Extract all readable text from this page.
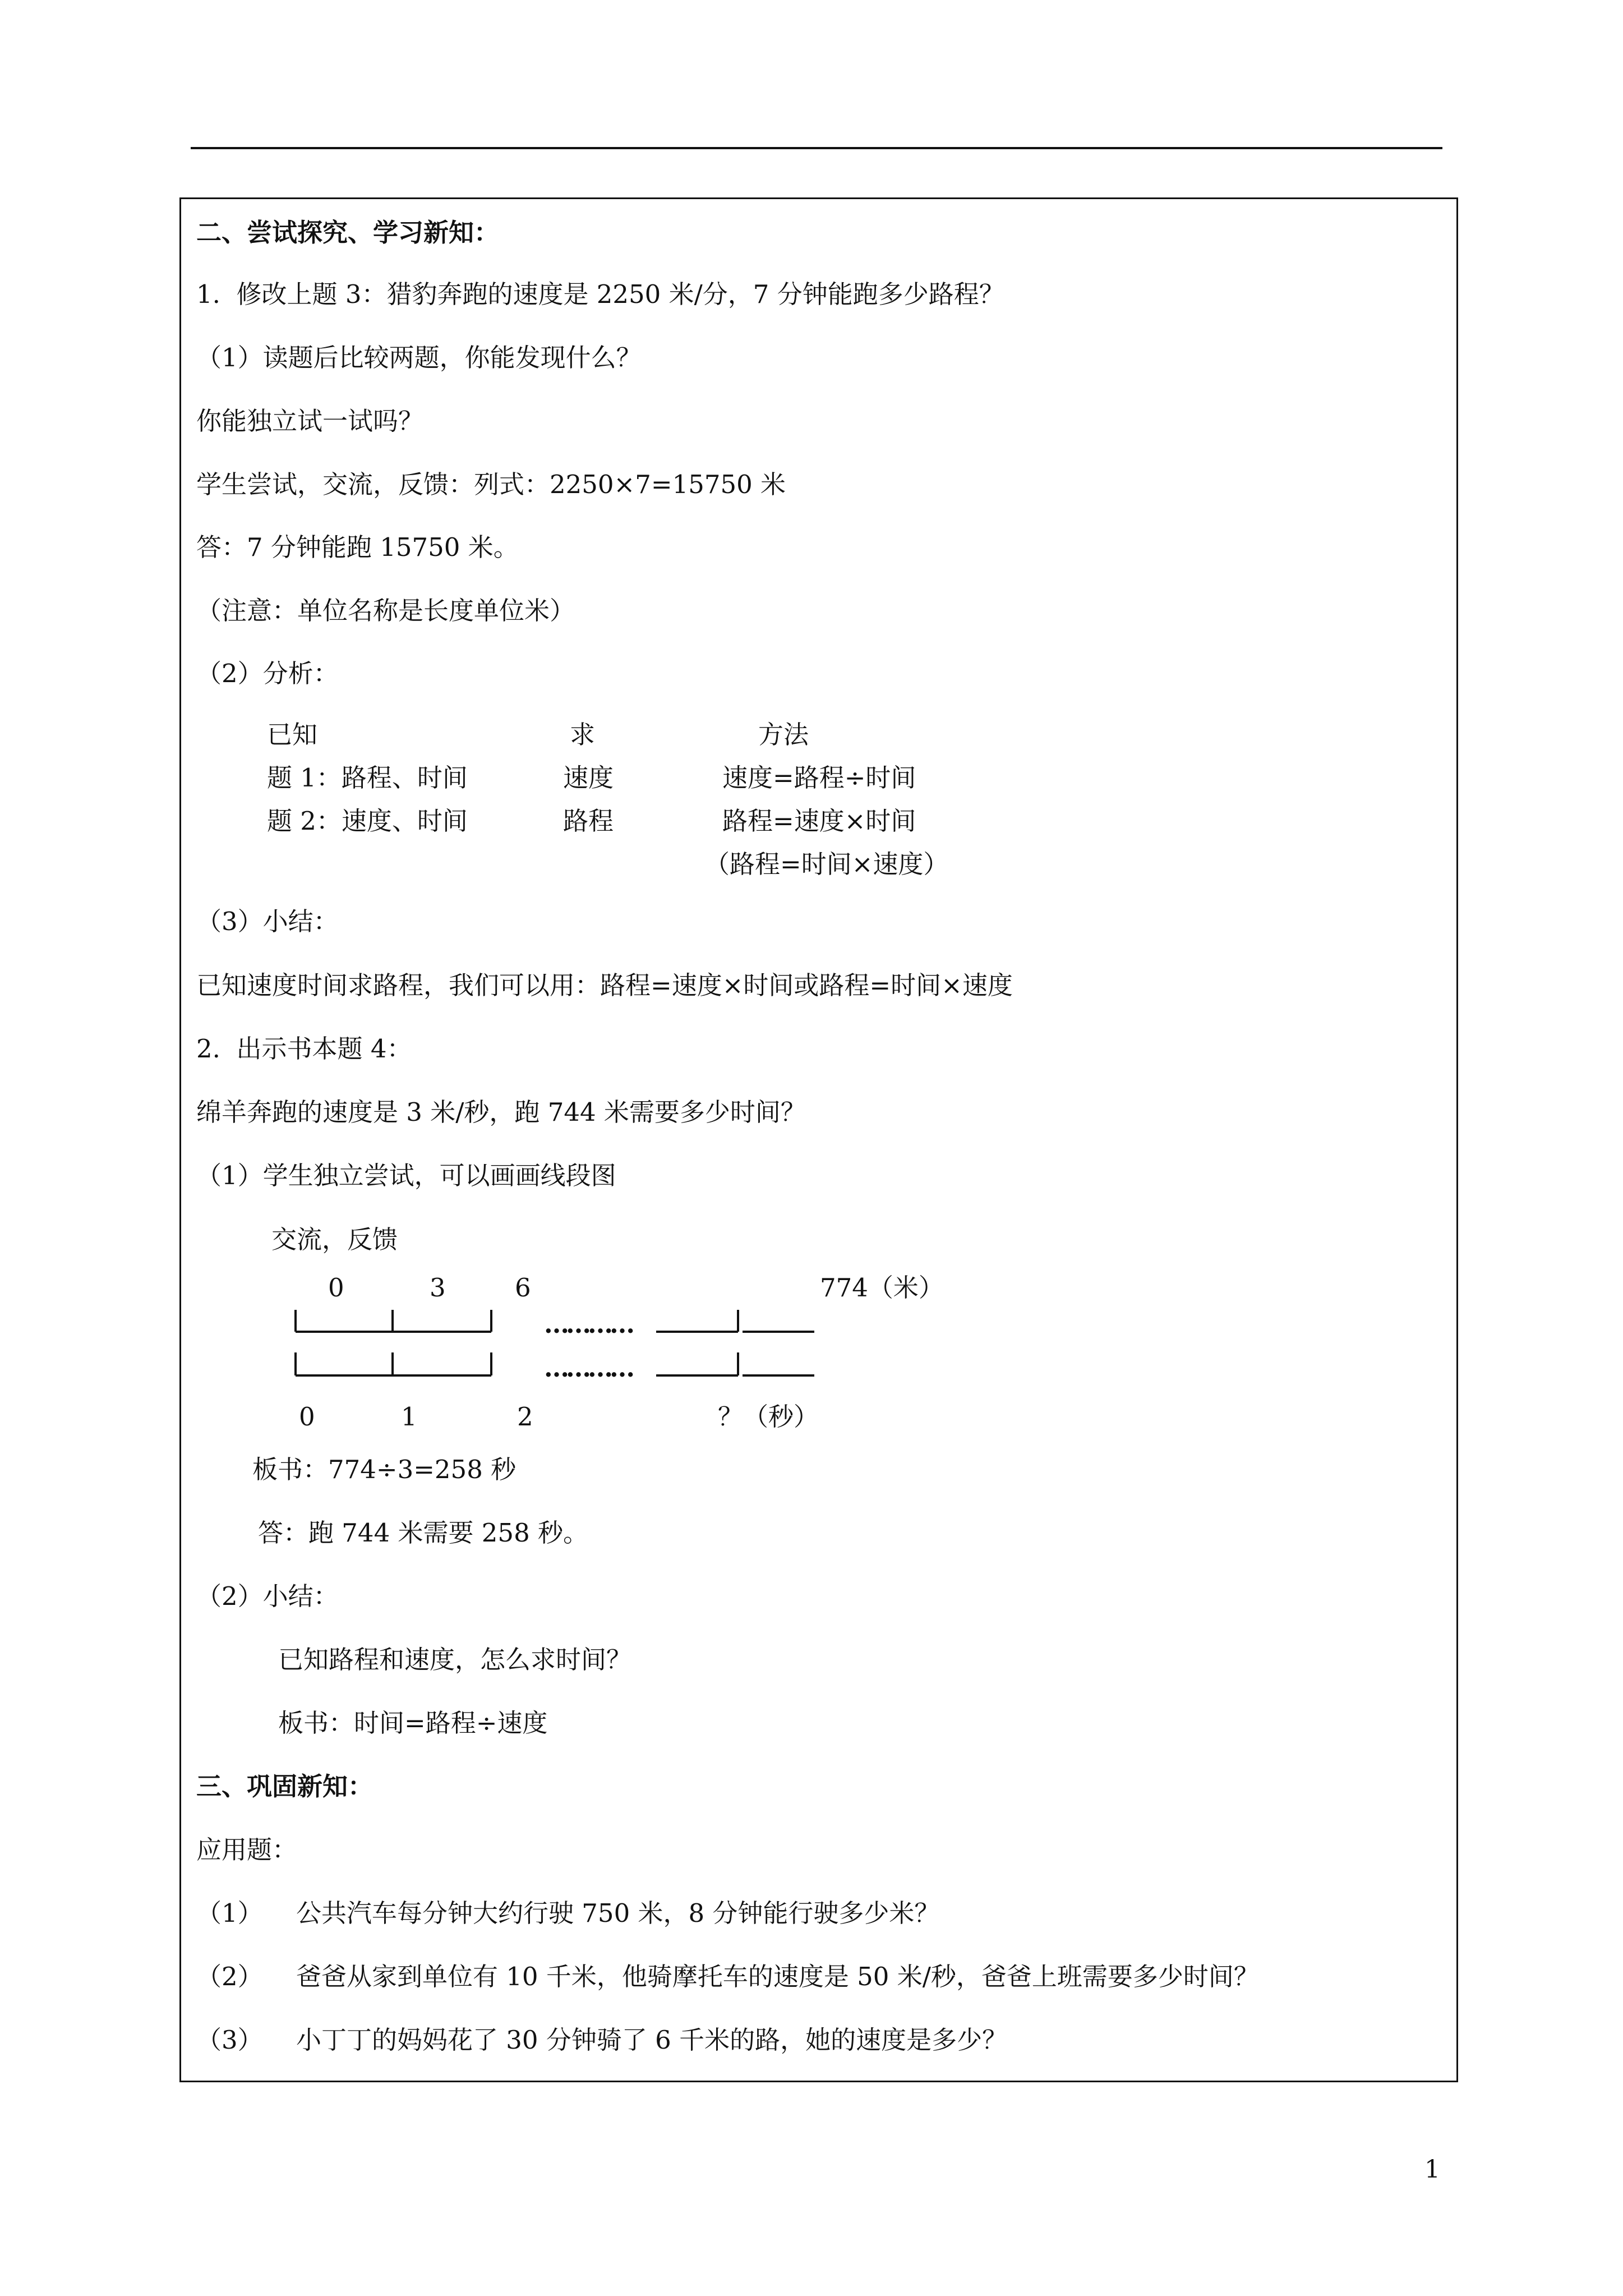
二、尝试探究、学习新知：
1.  修改上题 3：猎豹奔跑的速度是 2250 米/分，7 分钟能跑多少路程？
（1）读题后比较两题，你能发现什么？
你能独立试一试吗？
学生尝试，交流，反馈：列式：2250×7=15750 米
答：7 分钟能跑 15750 米。
（注意：单位名称是长度单位米）
（2）分析：
已知	求	方法
题 1：路程、时间	速度	速度=路程÷时间
题 2：速度、时间	路程	路程=速度×时间
（路程=时间×速度）
（3）小结：
已知速度时间求路程，我们可以用：路程=速度×时间或路程=时间×速度
2.  出示书本题 4：
绵羊奔跑的速度是 3 米/秒，跑 744 米需要多少时间？
（1）学生独立尝试，可以画画线段图
交流，反馈
0	3	6	774（米）
…………
…………
0	1	2	？（秒）
板书：774÷3=258 秒
答：跑 744 米需要 258 秒。
（2）小结：
已知路程和速度，怎么求时间？
板书：时间=路程÷速度
三、巩固新知：
应用题：
（1） 公共汽车每分钟大约行驶 750 米，8 分钟能行驶多少米？
（2） 爸爸从家到单位有 10 千米，他骑摩托车的速度是 50 米/秒，爸爸上班需要多少时间？
（3） 小丁丁的妈妈花了 30 分钟骑了 6 千米的路，她的速度是多少？
1
